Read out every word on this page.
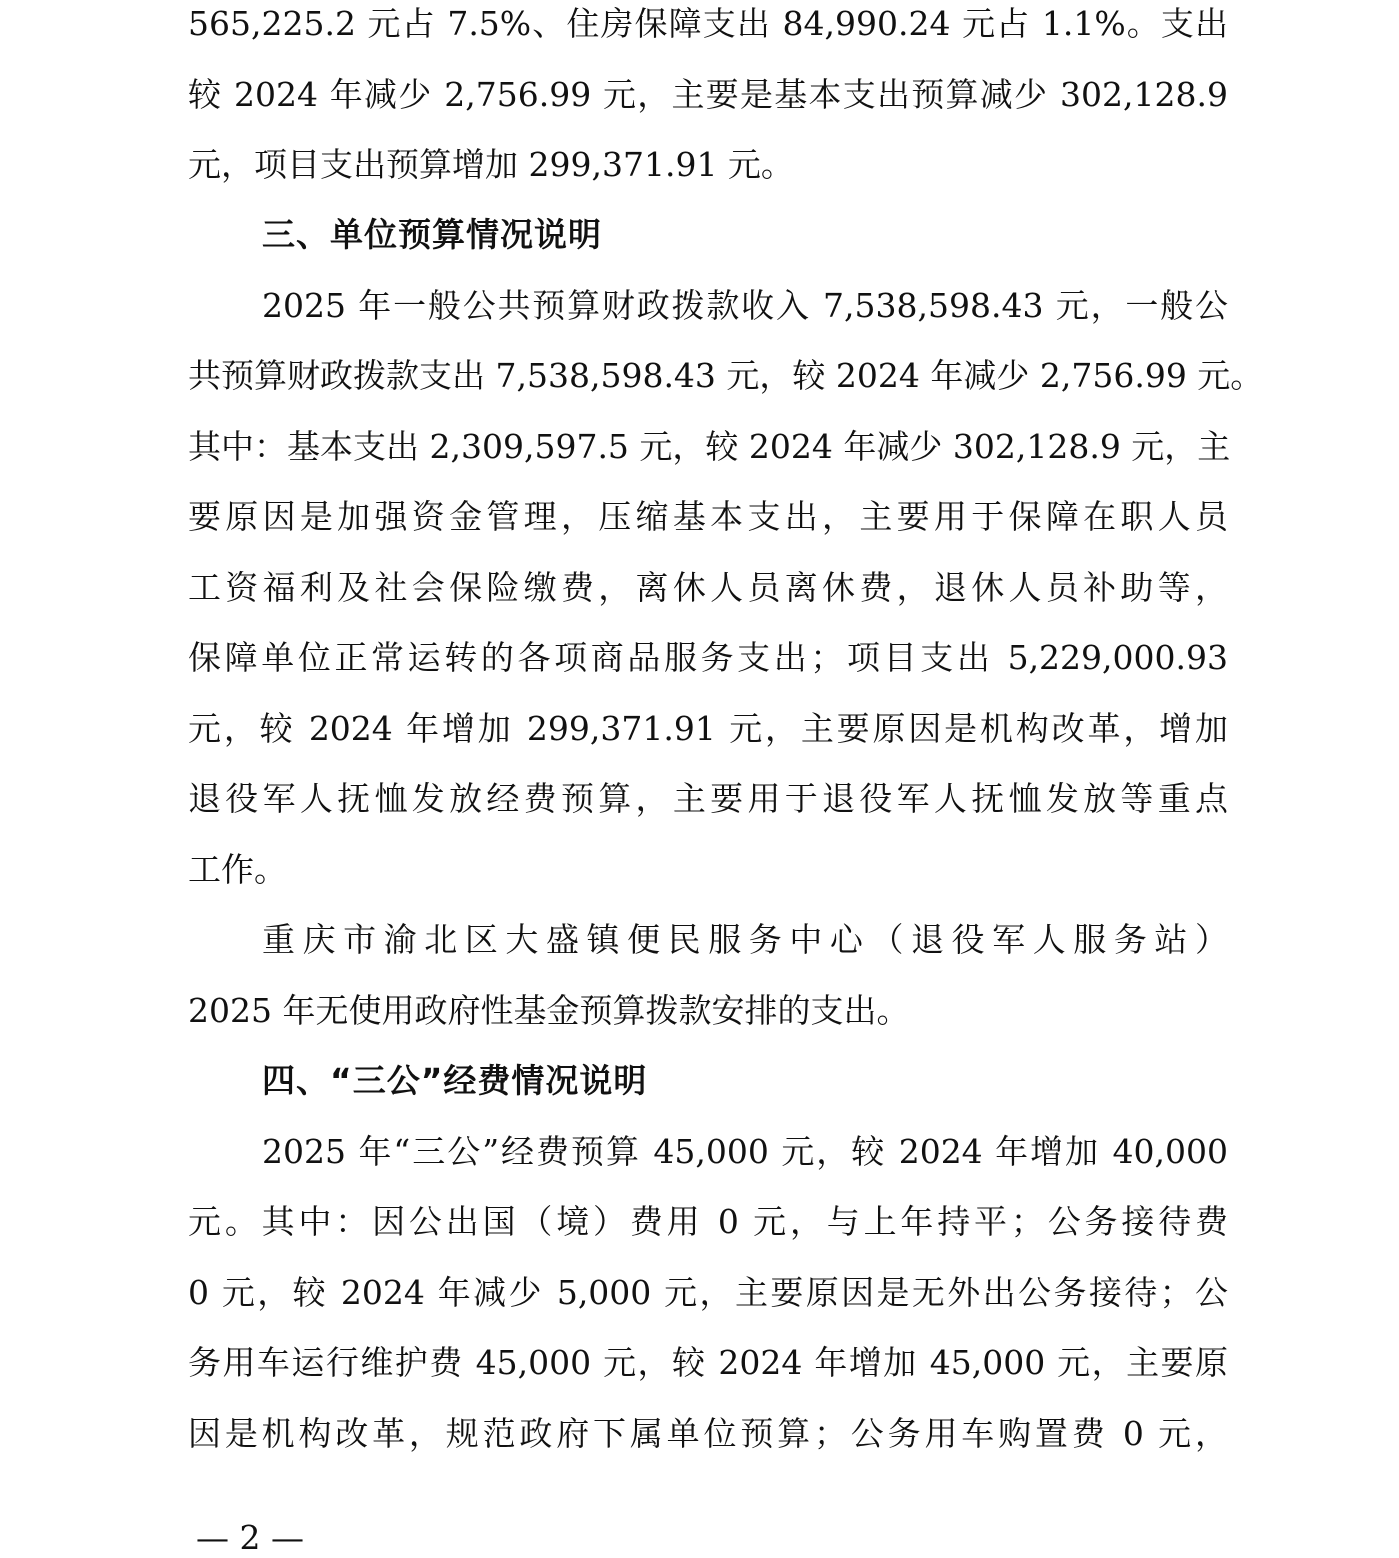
565,225.2 元占 7.5%、住房保障支出 84,990.24 元占 1.1%。支出
较 2024 年减少 2,756.99 元，主要是基本支出预算减少 302,128.9
元，项目支出预算增加 299,371.91 元。
三、单位预算情况说明
2025 年一般公共预算财政拨款收入 7,538,598.43 元，一般公
共预算财政拨款支出 7,538,598.43 元，较 2024 年减少 2,756.99 元。
其中：基本支出 2,309,597.5 元，较 2024 年减少 302,128.9 元，主
要原因是加强资金管理，压缩基本支出，主要用于保障在职人员
工资福利及社会保险缴费，离休人员离休费，退休人员补助等，
保障单位正常运转的各项商品服务支出；项目支出 5,229,000.93
元，较 2024 年增加 299,371.91 元，主要原因是机构改革，增加
退役军人抚恤发放经费预算，主要用于退役军人抚恤发放等重点
工作。
重庆市渝北区大盛镇便民服务中心（退役军人服务站）
2025 年无使用政府性基金预算拨款安排的支出。
四、“三公”经费情况说明
2025 年“三公”经费预算 45,000 元，较 2024 年增加 40,000
元。其中：因公出国（境）费用 0 元，与上年持平；公务接待费
0 元，较 2024 年减少 5,000 元，主要原因是无外出公务接待；公
务用车运行维护费 45,000 元，较 2024 年增加 45,000 元，主要原
因是机构改革，规范政府下属单位预算；公务用车购置费 0 元，
— 2 —
